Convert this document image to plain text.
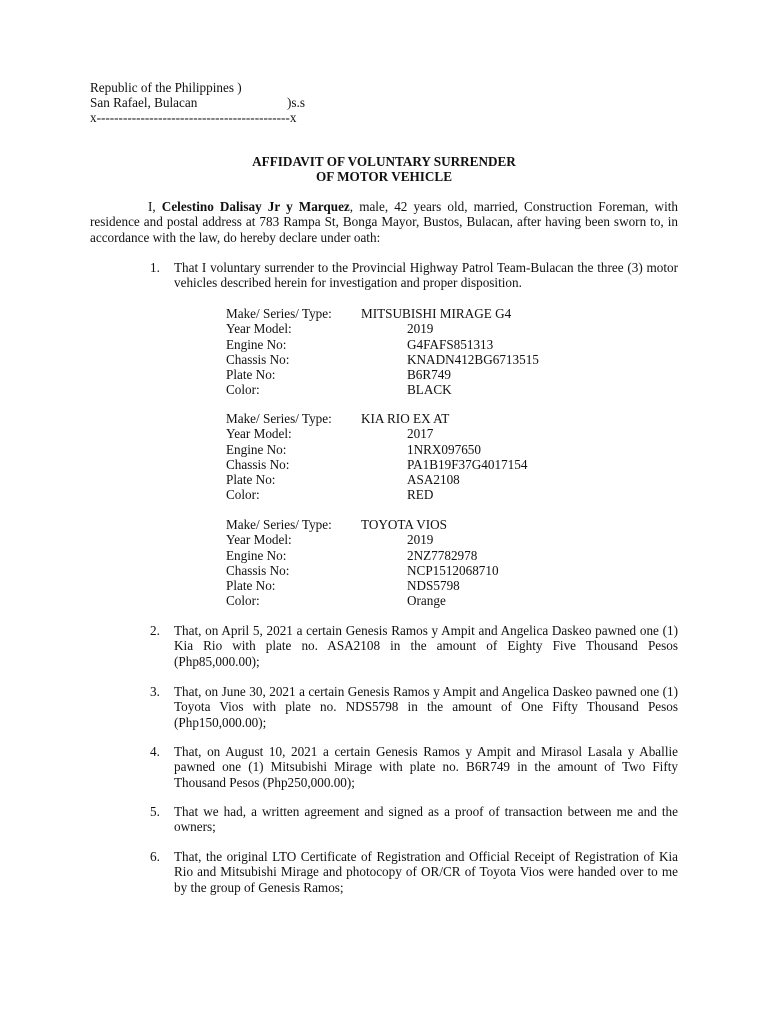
Republic of the Philippines )
San Rafael, Bulacan	)s.s
x--------------------------------------------x
AFFIDAVIT OF VOLUNTARY SURRENDER
OF MOTOR VEHICLE
I, Celestino Dalisay Jr y Marquez, male, 42 years old, married, Construction Foreman, with residence and postal address at 783 Rampa St, Bonga Mayor, Bustos, Bulacan, after having been sworn to, in accordance with the law, do hereby declare under oath:
1. That I voluntary surrender to the Provincial Highway Patrol Team-Bulacan the three (3) motor vehicles described herein for investigation and proper disposition.
Make/ Series/ Type: MITSUBISHI MIRAGE G4
Year Model:	2019
Engine No:	G4FAFS851313
Chassis No:	KNADN412BG6713515
Plate No:	B6R749
Color:	BLACK
Make/ Series/ Type: KIA RIO EX AT
Year Model:	2017
Engine No:	1NRX097650
Chassis No:	PA1B19F37G4017154
Plate No:	ASA2108
Color:	RED
Make/ Series/ Type: TOYOTA VIOS
Year Model:	2019
Engine No:	2NZ7782978
Chassis No:	NCP1512068710
Plate No:	NDS5798
Color:	Orange
2. That, on April 5, 2021 a certain Genesis Ramos y Ampit and Angelica Daskeo pawned one (1) Kia Rio with plate no. ASA2108 in the amount of Eighty Five Thousand Pesos (Php85,000.00);
3. That, on June 30, 2021 a certain Genesis Ramos y Ampit and Angelica Daskeo pawned one (1) Toyota Vios with plate no. NDS5798 in the amount of One Fifty Thousand Pesos (Php150,000.00);
4. That, on August 10, 2021 a certain Genesis Ramos y Ampit and Mirasol Lasala y Aballie pawned one (1) Mitsubishi Mirage with plate no. B6R749 in the amount of Two Fifty Thousand Pesos (Php250,000.00);
5. That we had, a written agreement and signed as a proof of transaction between me and the owners;
6. That, the original LTO Certificate of Registration and Official Receipt of Registration of Kia Rio and Mitsubishi Mirage and photocopy of OR/CR of Toyota Vios were handed over to me by the group of Genesis Ramos;
